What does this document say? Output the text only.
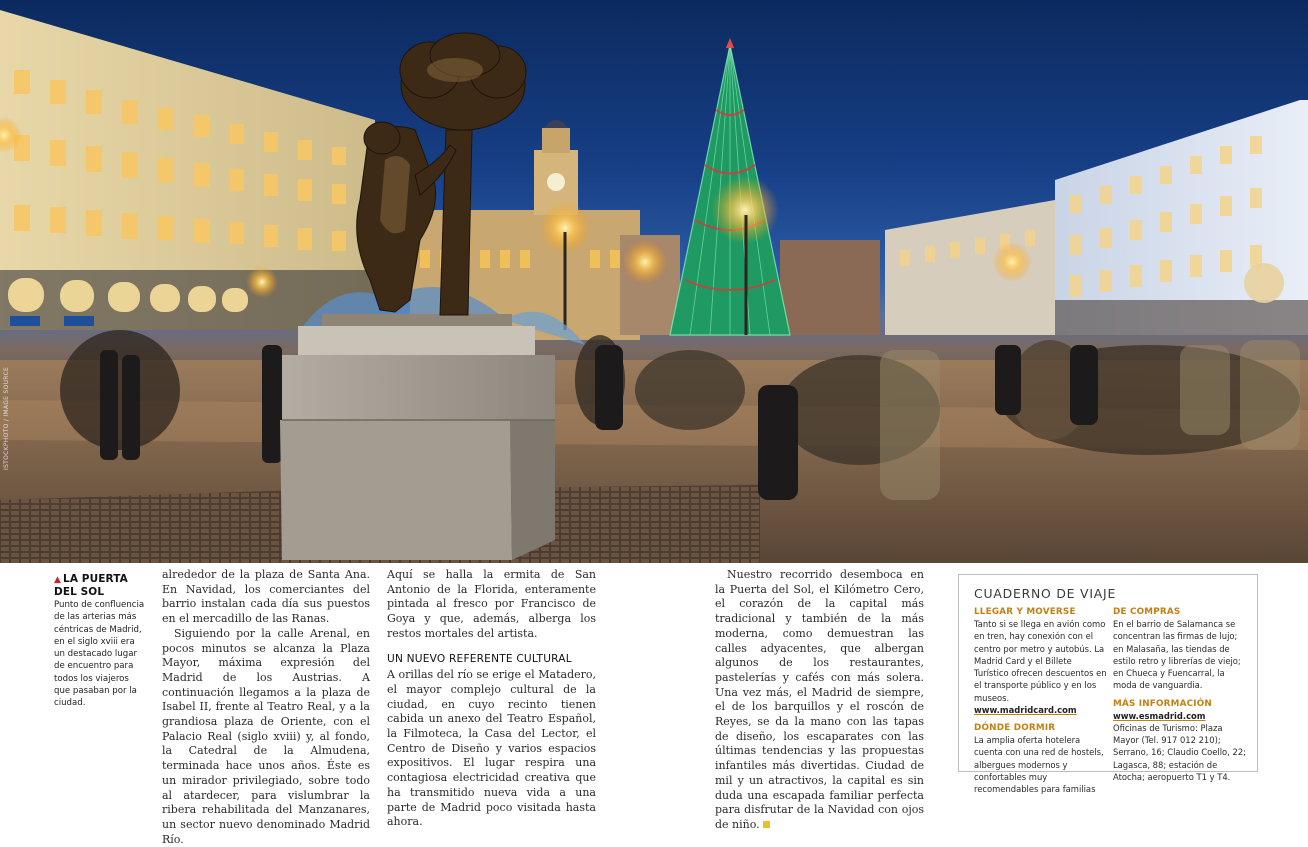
ISTOCKPHOTO / IMAGE SOURCE
▲ LA PUERTA DEL SOL
Punto de confluencia de las arterias más céntricas de Madrid, en el siglo xviii era un destacado lugar de encuentro para todos los viajeros que pasaban por la ciudad.

alrededor de la plaza de Santa Ana. En Navidad, los comerciantes del barrio instalan cada día sus puestos en el mercadillo de las Ranas.

Siguiendo por la calle Arenal, en pocos minutos se alcanza la Plaza Mayor, máxima expresión del Madrid de los Austrias. A continuación llegamos a la plaza de Isabel II, frente al Teatro Real, y a la grandiosa plaza de Oriente, con el Palacio Real (siglo xviii) y, al fondo, la Catedral de la Almudena, terminada hace unos años. Éste es un mirador privilegiado, sobre todo al atardecer, para vislumbrar la ribera rehabilitada del Manzanares, un sector nuevo denominado Madrid Río.

Aquí se halla la ermita de San Antonio de la Florida, enteramente pintada al fresco por Francisco de Goya y que, además, alberga los restos mortales del artista.

UN NUEVO REFERENTE CULTURAL

A orillas del río se erige el Matadero, el mayor complejo cultural de la ciudad, en cuyo recinto tienen cabida un anexo del Teatro Español, la Filmoteca, la Casa del Lector, el Centro de Diseño y varios espacios expositivos. El lugar respira una contagiosa electricidad creativa que ha transmitido nueva vida a una parte de Madrid poco visitada hasta ahora.

Nuestro recorrido desemboca en la Puerta del Sol, el Kilómetro Cero, el corazón de la capital más tradicional y también de la más moderna, como demuestran las calles adyacentes, que albergan algunos de los restaurantes, pastelerías y cafés con más solera. Una vez más, el Madrid de siempre, el de los barquillos y el roscón de Reyes, se da la mano con las tapas de diseño, los escaparates con las últimas tendencias y las propuestas infantiles más divertidas. Ciudad de mil y un atractivos, la capital es sin duda una escapada familiar perfecta para disfrutar de la Navidad con ojos de niño.

CUADERNO DE VIAJE
LLEGAR Y MOVERSE
Tanto si se llega en avión como en tren, hay conexión con el centro por metro y autobús. La Madrid Card y el Billete Turístico ofrecen descuentos en el transporte público y en los museos. www.madridcard.com
DÓNDE DORMIR
La amplia oferta hotelera cuenta con una red de hostels, albergues modernos y confortables muy recomendables para familias
DE COMPRAS
En el barrio de Salamanca se concentran las firmas de lujo; en Malasaña, las tiendas de estilo retro y librerías de viejo; en Chueca y Fuencarral, la moda de vanguardia.
MÁS INFORMACIÓN
www.esmadrid.com
Oficinas de Turismo: Plaza Mayor (Tel. 917 012 210); Serrano, 16; Claudio Coello, 22; Lagasca, 88; estación de Atocha; aeropuerto T1 y T4.
